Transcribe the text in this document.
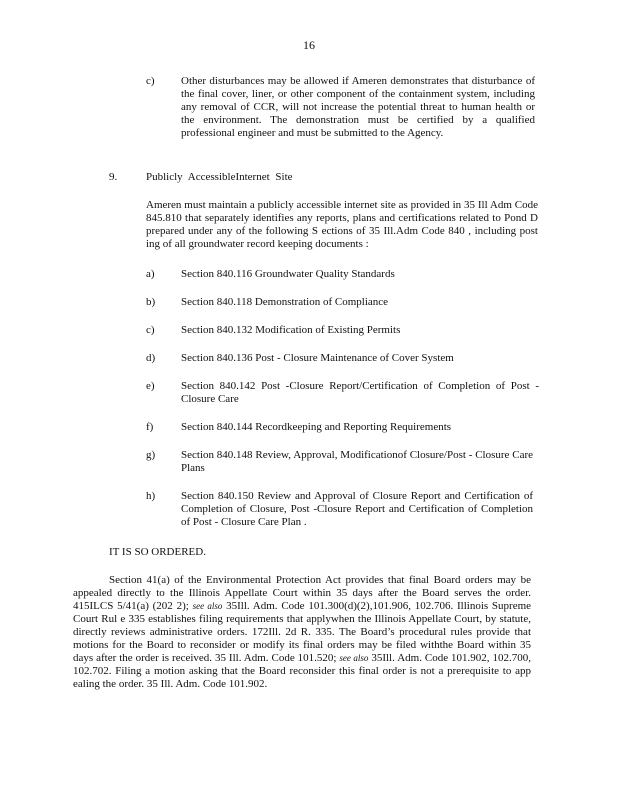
16
c) Other disturbances may be allowed if Ameren demonstrates that disturbance of the final cover, liner, or other component of the containment system, including any removal of CCR, will not increase the potential threat to human health or the environment. The demonstration must be certified by a qualified professional engineer and must be submitted to the Agency.
9.	Publicly AccessibleInternet Site
Ameren must maintain a publicly accessible internet site as provided in 35 Ill Adm Code 845.810 that separately identifies any reports, plans and certifications related to Pond D prepared under any of the following S ections of 35 Ill.Adm Code 840 , including post ing of all groundwater record keeping documents :
a) Section 840.116 Groundwater Quality Standards
b) Section 840.118 Demonstration of Compliance
c) Section 840.132 Modification of Existing Permits
d) Section 840.136 Post - Closure Maintenance of Cover System
e) Section 840.142 Post -Closure Report/Certification of Completion of Post - Closure Care
f)	Section 840.144 Recordkeeping and Reporting Requirements
g) Section 840.148 Review, Approval, Modificationof Closure/Post - Closure Care Plans
h) Section 840.150 Review and Approval of Closure Report and Certification of Completion of Closure, Post -Closure Report and Certification of Completion of Post - Closure Care Plan .
IT IS SO ORDERED.
Section 41(a) of the Environmental Protection Act provides that final Board orders may be appealed directly to the Illinois Appellate Court within 35 days after the Board serves the order. 415ILCS 5/41(a) (202 2); see also 35Ill. Adm. Code 101.300(d)(2),101.906, 102.706. Illinois Supreme Court Rul e 335 establishes filing requirements that applywhen the Illinois Appellate Court, by statute, directly reviews administrative orders. 172Ill. 2d R. 335. The Board’s procedural rules provide that motions for the Board to reconsider or modify its final orders may be filed withthe Board within 35 days after the order is received. 35 Ill. Adm. Code 101.520; see also 35Ill. Adm. Code 101.902, 102.700, 102.702. Filing a motion asking that the Board reconsider this final order is not a prerequisite to app ealing the order. 35 Ill. Adm. Code 101.902.
